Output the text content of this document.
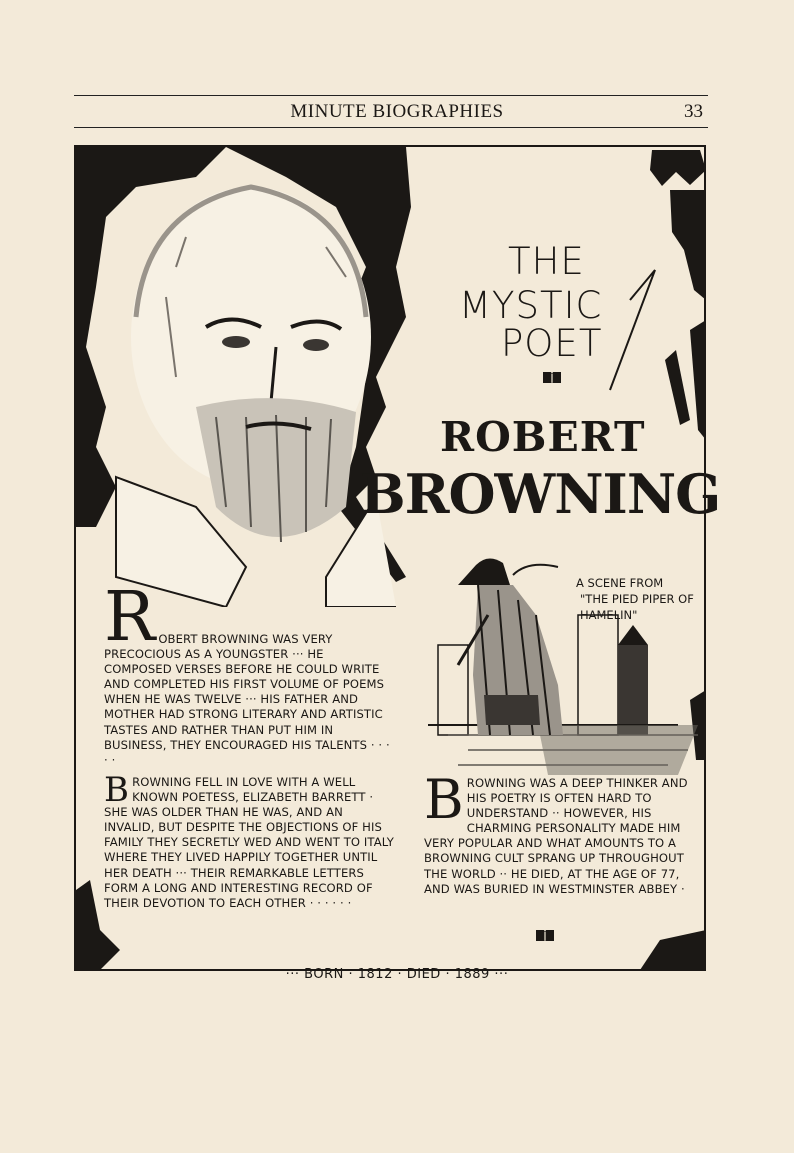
MINUTE BIOGRAPHIES	33
THE
MYSTIC
POET
ROBERT
BROWNING
A SCENE FROM
"THE PIED PIPER OF HAMELIN"
R OBERT BROWNING WAS VERY
PRECOCIOUS AS A YOUNGSTER ··· HE COMPOSED VERSES BEFORE HE COULD WRITE AND COMPLETED HIS FIRST VOLUME OF POEMS WHEN HE WAS TWELVE ··· HIS FATHER AND MOTHER HAD STRONG LITERARY AND ARTISTIC TASTES AND RATHER THAN PUT HIM IN BUSINESS, THEY ENCOURAGED HIS TALENTS · · · · ·
B ROWNING FELL IN LOVE WITH A WELL KNOWN POETESS, ELIZABETH BARRETT · SHE WAS OLDER THAN HE WAS, AND AN INVALID, BUT DESPITE THE OBJECTIONS OF HIS FAMILY THEY SECRETLY WED AND WENT TO ITALY WHERE THEY LIVED HAPPILY TOGETHER UNTIL HER DEATH ··· THEIR REMARKABLE LETTERS FORM A LONG AND INTERESTING RECORD OF THEIR DEVOTION TO EACH OTHER · · · · · ·
B ROWNING WAS A DEEP THINKER AND HIS POETRY IS OFTEN HARD TO UNDERSTAND ·· HOWEVER, HIS CHARMING PERSONALITY MADE HIM VERY POPULAR AND WHAT AMOUNTS TO A BROWNING CULT SPRANG UP THROUGHOUT THE WORLD ·· HE DIED, AT THE AGE OF 77, AND WAS BURIED IN WESTMINSTER ABBEY ·
··· BORN · 1812 · DIED · 1889 ···
